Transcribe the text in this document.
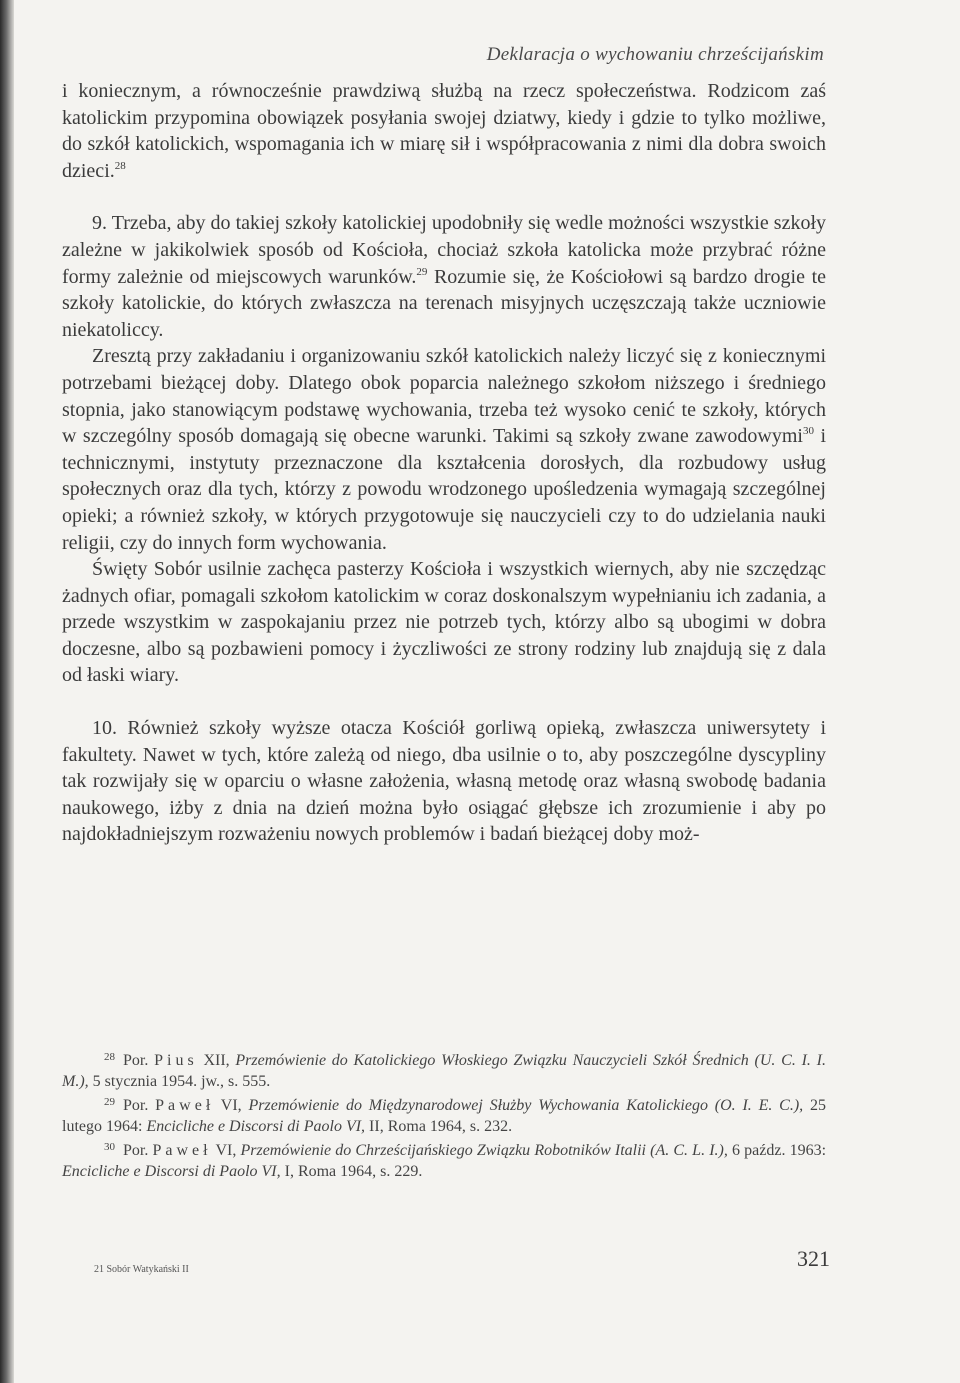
Deklaracja o wychowaniu chrześcijańskim

i koniecznym, a równocześnie prawdziwą służbą na rzecz społeczeństwa. Rodzicom zaś katolickim przypomina obowiązek posyłania swojej dziatwy, kiedy i gdzie to tylko możliwe, do szkół katolickich, wspomagania ich w miarę sił i współpracowania z nimi dla dobra swoich dzieci.$^{28}$

9. Trzeba, aby do takiej szkoły katolickiej upodobniły się wedle możności wszystkie szkoły zależne w jakikolwiek sposób od Kościoła, chociaż szkoła katolicka może przybrać różne formy zależnie od miejscowych warunków.$^{29}$ Rozumie się, że Kościołowi są bardzo drogie te szkoły katolickie, do których zwłaszcza na terenach misyjnych uczęszczają także uczniowie niekatoliccy.

Zresztą przy zakładaniu i organizowaniu szkół katolickich należy liczyć się z koniecznymi potrzebami bieżącej doby. Dlatego obok poparcia należnego szkołom niższego i średniego stopnia, jako stanowiącym podstawę wychowania, trzeba też wysoko cenić te szkoły, których w szczególny sposób domagają się obecne warunki. Takimi są szkoły zwane zawodowymi$^{30}$ i technicznymi, instytuty przeznaczone dla kształcenia dorosłych, dla rozbudowy usług społecznych oraz dla tych, którzy z powodu wrodzonego upośledzenia wymagają szczególnej opieki; a również szkoły, w których przygotowuje się nauczycieli czy to do udzielania nauki religii, czy do innych form wychowania.

Święty Sobór usilnie zachęca pasterzy Kościoła i wszystkich wiernych, aby nie szczędząc żadnych ofiar, pomagali szkołom katolickim w coraz doskonalszym wypełnianiu ich zadania, a przede wszystkim w zaspokajaniu przez nie potrzeb tych, którzy albo są ubogimi w dobra doczesne, albo są pozbawieni pomocy i życzliwości ze strony rodziny lub znajdują się z dala od łaski wiary.

10. Również szkoły wyższe otacza Kościół gorliwą opieką, zwłaszcza uniwersytety i fakultety. Nawet w tych, które zależą od niego, dba usilnie o to, aby poszczególne dyscypliny tak rozwijały się w oparciu o własne założenia, własną metodę oraz własną swobodę badania naukowego, iżby z dnia na dzień można było osiągać głębsze ich zrozumienie i aby po najdokładniejszym rozważeniu nowych problemów i badań bieżącej doby moż-

$^{28}$ Por. Pius XII, Przemówienie do Katolickiego Włoskiego Związku Nauczycieli Szkół Średnich (U. C. I. I. M.), 5 stycznia 1954. jw., s. 555.

$^{29}$ Por. Paweł VI, Przemówienie do Międzynarodowej Służby Wychowania Katolickiego (O. I. E. C.), 25 lutego 1964: Encicliche e Discorsi di Paolo VI, II, Roma 1964, s. 232.

$^{30}$ Por. Paweł VI, Przemówienie do Chrześcijańskiego Związku Robotników Italii (A. C. L. I.), 6 paźdz. 1963: Encicliche e Discorsi di Paolo VI, I, Roma 1964, s. 229.

21 Sobór Watykański II	321
